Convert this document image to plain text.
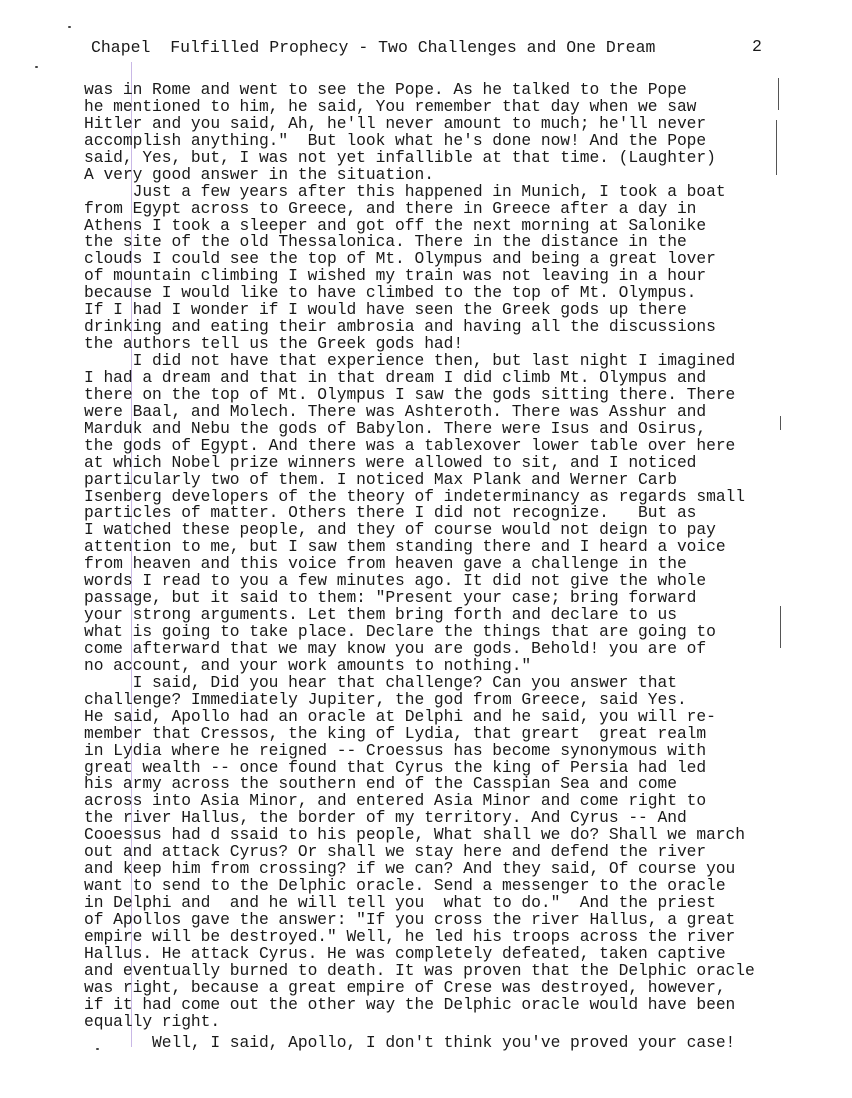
Chapel  Fulfilled Prophecy - Two Challenges and One Dream	2
was in Rome and went to see the Pope. As he talked to the Pope
he mentioned to him, he said, You remember that day when we saw
Hitler and you said, Ah, he'll never amount to much; he'll never
accomplish anything."  But look what he's done now! And the Pope
said, Yes, but, I was not yet infallible at that time. (Laughter)
A very good answer in the situation.
Just a few years after this happened in Munich, I took a boat
from Egypt across to Greece, and there in Greece after a day in
Athens I took a sleeper and got off the next morning at Salonike
the site of the old Thessalonica. There in the distance in the
clouds I could see the top of Mt. Olympus and being a great lover
of mountain climbing I wished my train was not leaving in a hour
because I would like to have climbed to the top of Mt. Olympus.
If I had I wonder if I would have seen the Greek gods up there
drinking and eating their ambrosia and having all the discussions
the authors tell us the Greek gods had!
I did not have that experience then, but last night I imagined
I had a dream and that in that dream I did climb Mt. Olympus and
there on the top of Mt. Olympus I saw the gods sitting there. There
were Baal, and Molech. There was Ashteroth. There was Asshur and
Marduk and Nebu the gods of Babylon. There were Isus and Osirus,
the gods of Egypt. And there was a tablexover lower table over here
at which Nobel prize winners were allowed to sit, and I noticed
particularly two of them. I noticed Max Plank and Werner Carb
Isenberg developers of the theory of indeterminancy as regards small
particles of matter. Others there I did not recognize.   But as
I watched these people, and they of course would not deign to pay
attention to me, but I saw them standing there and I heard a voice
from heaven and this voice from heaven gave a challenge in the
words I read to you a few minutes ago. It did not give the whole
passage, but it said to them: "Present your case; bring forward
your strong arguments. Let them bring forth and declare to us
what is going to take place. Declare the things that are going to
come afterward that we may know you are gods. Behold! you are of
no account, and your work amounts to nothing."
I said, Did you hear that challenge? Can you answer that
challenge? Immediately Jupiter, the god from Greece, said Yes.
He said, Apollo had an oracle at Delphi and he said, you will re-
member that Cressos, the king of Lydia, that greart  great realm
in Lydia where he reigned -- Croessus has become synonymous with
great wealth -- once found that Cyrus the king of Persia had led
his army across the southern end of the Casspian Sea and come
across into Asia Minor, and entered Asia Minor and come right to
the river Hallus, the border of my territory. And Cyrus -- And
Cooessus had d ssaid to his people, What shall we do? Shall we march
out and attack Cyrus? Or shall we stay here and defend the river
and keep him from crossing? if we can? And they said, Of course you
want to send to the Delphic oracle. Send a messenger to the oracle
in Delphi and  and he will tell you  what to do."  And the priest
of Apollos gave the answer: "If you cross the river Hallus, a great
empire will be destroyed." Well, he led his troops across the river
Hallus. He attack Cyrus. He was completely defeated, taken captive
and eventually burned to death. It was proven that the Delphic oracle
was right, because a great empire of Crese was destroyed, however,
if it had come out the other way the Delphic oracle would have been
equally right.
Well, I said, Apollo, I don't think you've proved your case!
